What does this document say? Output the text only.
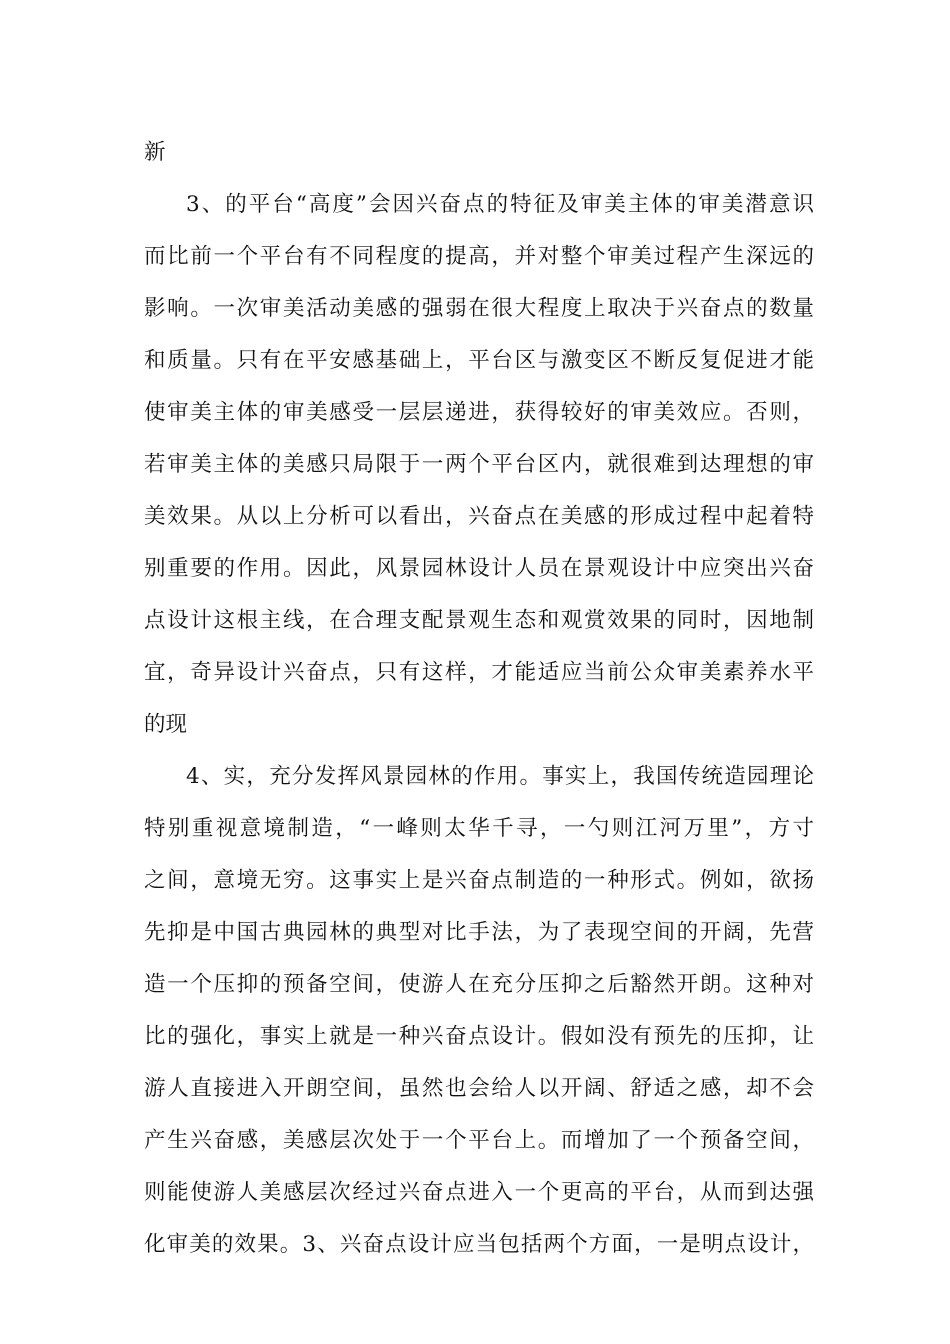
新
3、的平台“高度”会因兴奋点的特征及审美主体的审美潜意识
而比前一个平台有不同程度的提高，并对整个审美过程产生深远的
影响。一次审美活动美感的强弱在很大程度上取决于兴奋点的数量
和质量。只有在平安感基础上，平台区与激变区不断反复促进才能
使审美主体的审美感受一层层递进，获得较好的审美效应。否则，
若审美主体的美感只局限于一两个平台区内，就很难到达理想的审
美效果。从以上分析可以看出，兴奋点在美感的形成过程中起着特
别重要的作用。因此，风景园林设计人员在景观设计中应突出兴奋
点设计这根主线，在合理支配景观生态和观赏效果的同时，因地制
宜，奇异设计兴奋点，只有这样，才能适应当前公众审美素养水平
的现
4、实，充分发挥风景园林的作用。事实上，我国传统造园理论
特别重视意境制造，“一峰则太华千寻，一勺则江河万里”，方寸
之间，意境无穷。这事实上是兴奋点制造的一种形式。例如，欲扬
先抑是中国古典园林的典型对比手法，为了表现空间的开阔，先营
造一个压抑的预备空间，使游人在充分压抑之后豁然开朗。这种对
比的强化，事实上就是一种兴奋点设计。假如没有预先的压抑，让
游人直接进入开朗空间，虽然也会给人以开阔、舒适之感，却不会
产生兴奋感，美感层次处于一个平台上。而增加了一个预备空间，
则能使游人美感层次经过兴奋点进入一个更高的平台，从而到达强
化审美的效果。3、兴奋点设计应当包括两个方面，一是明点设计，
